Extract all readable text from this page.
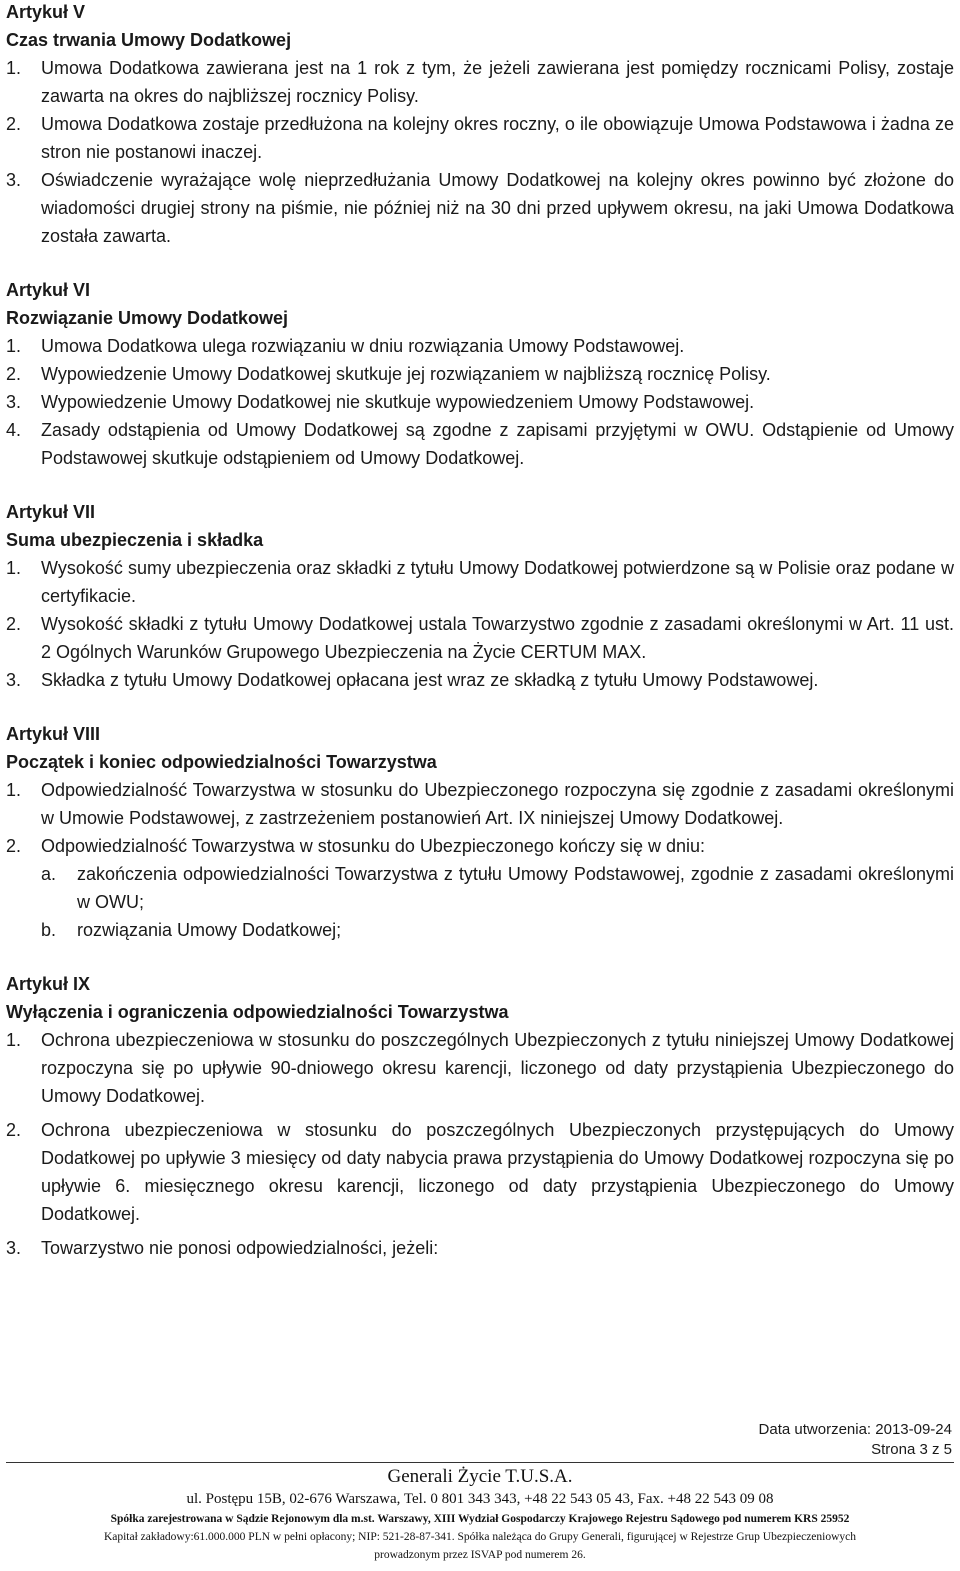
Artykuł V

Czas trwania Umowy Dodatkowej

1. Umowa Dodatkowa zawierana jest na 1 rok z tym, że jeżeli zawierana jest pomiędzy rocznicami Polisy, zostaje zawarta na okres do najbliższej rocznicy Polisy.
2. Umowa Dodatkowa zostaje przedłużona na kolejny okres roczny, o ile obowiązuje Umowa Podstawowa i żadna ze stron nie postanowi inaczej.
3. Oświadczenie wyrażające wolę nieprzedłużania Umowy Dodatkowej na kolejny okres powinno być złożone do wiadomości drugiej strony na piśmie, nie później niż na 30 dni przed upływem okresu, na jaki Umowa Dodatkowa została zawarta.

Artykuł VI

Rozwiązanie Umowy Dodatkowej

1. Umowa Dodatkowa ulega rozwiązaniu w dniu rozwiązania Umowy Podstawowej.
2. Wypowiedzenie Umowy Dodatkowej skutkuje jej rozwiązaniem w najbliższą rocznicę Polisy.
3. Wypowiedzenie Umowy Dodatkowej nie skutkuje wypowiedzeniem Umowy Podstawowej.
4. Zasady odstąpienia od Umowy Dodatkowej są zgodne z zapisami przyjętymi w OWU. Odstąpienie od Umowy Podstawowej skutkuje odstąpieniem od Umowy Dodatkowej.

Artykuł VII

Suma ubezpieczenia i składka

1. Wysokość sumy ubezpieczenia oraz składki z tytułu Umowy Dodatkowej potwierdzone są w Polisie oraz podane w certyfikacie.
2. Wysokość składki z tytułu Umowy Dodatkowej ustala Towarzystwo zgodnie z zasadami określonymi w Art. 11 ust. 2 Ogólnych Warunków Grupowego Ubezpieczenia na Życie CERTUM MAX.
3. Składka z tytułu Umowy Dodatkowej opłacana jest wraz ze składką z tytułu Umowy Podstawowej.

Artykuł VIII

Początek i koniec odpowiedzialności Towarzystwa

1. Odpowiedzialność Towarzystwa w stosunku do Ubezpieczonego rozpoczyna się zgodnie z zasadami określonymi w Umowie Podstawowej, z zastrzeżeniem postanowień Art. IX niniejszej Umowy Dodatkowej.
2. Odpowiedzialność Towarzystwa w stosunku do Ubezpieczonego kończy się w dniu:
a. zakończenia odpowiedzialności Towarzystwa z tytułu Umowy Podstawowej, zgodnie z zasadami określonymi w OWU;
b. rozwiązania Umowy Dodatkowej;

Artykuł IX

Wyłączenia i ograniczenia odpowiedzialności Towarzystwa

1. Ochrona ubezpieczeniowa w stosunku do poszczególnych Ubezpieczonych z tytułu niniejszej Umowy Dodatkowej rozpoczyna się po upływie 90-dniowego okresu karencji, liczonego od daty przystąpienia Ubezpieczonego do Umowy Dodatkowej.
2. Ochrona ubezpieczeniowa w stosunku do poszczególnych Ubezpieczonych przystępujących do Umowy Dodatkowej po upływie 3 miesięcy od daty nabycia prawa przystąpienia do Umowy Dodatkowej rozpoczyna się po upływie 6. miesięcznego okresu karencji, liczonego od daty przystąpienia Ubezpieczonego do Umowy Dodatkowej.
3. Towarzystwo nie ponosi odpowiedzialności, jeżeli:
Data utworzenia: 2013-09-24
Strona 3 z 5
Generali Życie T.U.S.A.
ul. Postępu 15B, 02-676 Warszawa, Tel. 0 801 343 343, +48 22 543 05 43, Fax. +48 22 543 09 08
Spółka zarejestrowana w Sądzie Rejonowym dla m.st. Warszawy, XIII Wydział Gospodarczy Krajowego Rejestru Sądowego pod numerem KRS 25952
Kapitał zakładowy:61.000.000 PLN w pełni opłacony; NIP: 521-28-87-341. Spółka należąca do Grupy Generali, figurującej w Rejestrze Grup Ubezpieczeniowych
prowadzonym przez ISVAP pod numerem 26.
